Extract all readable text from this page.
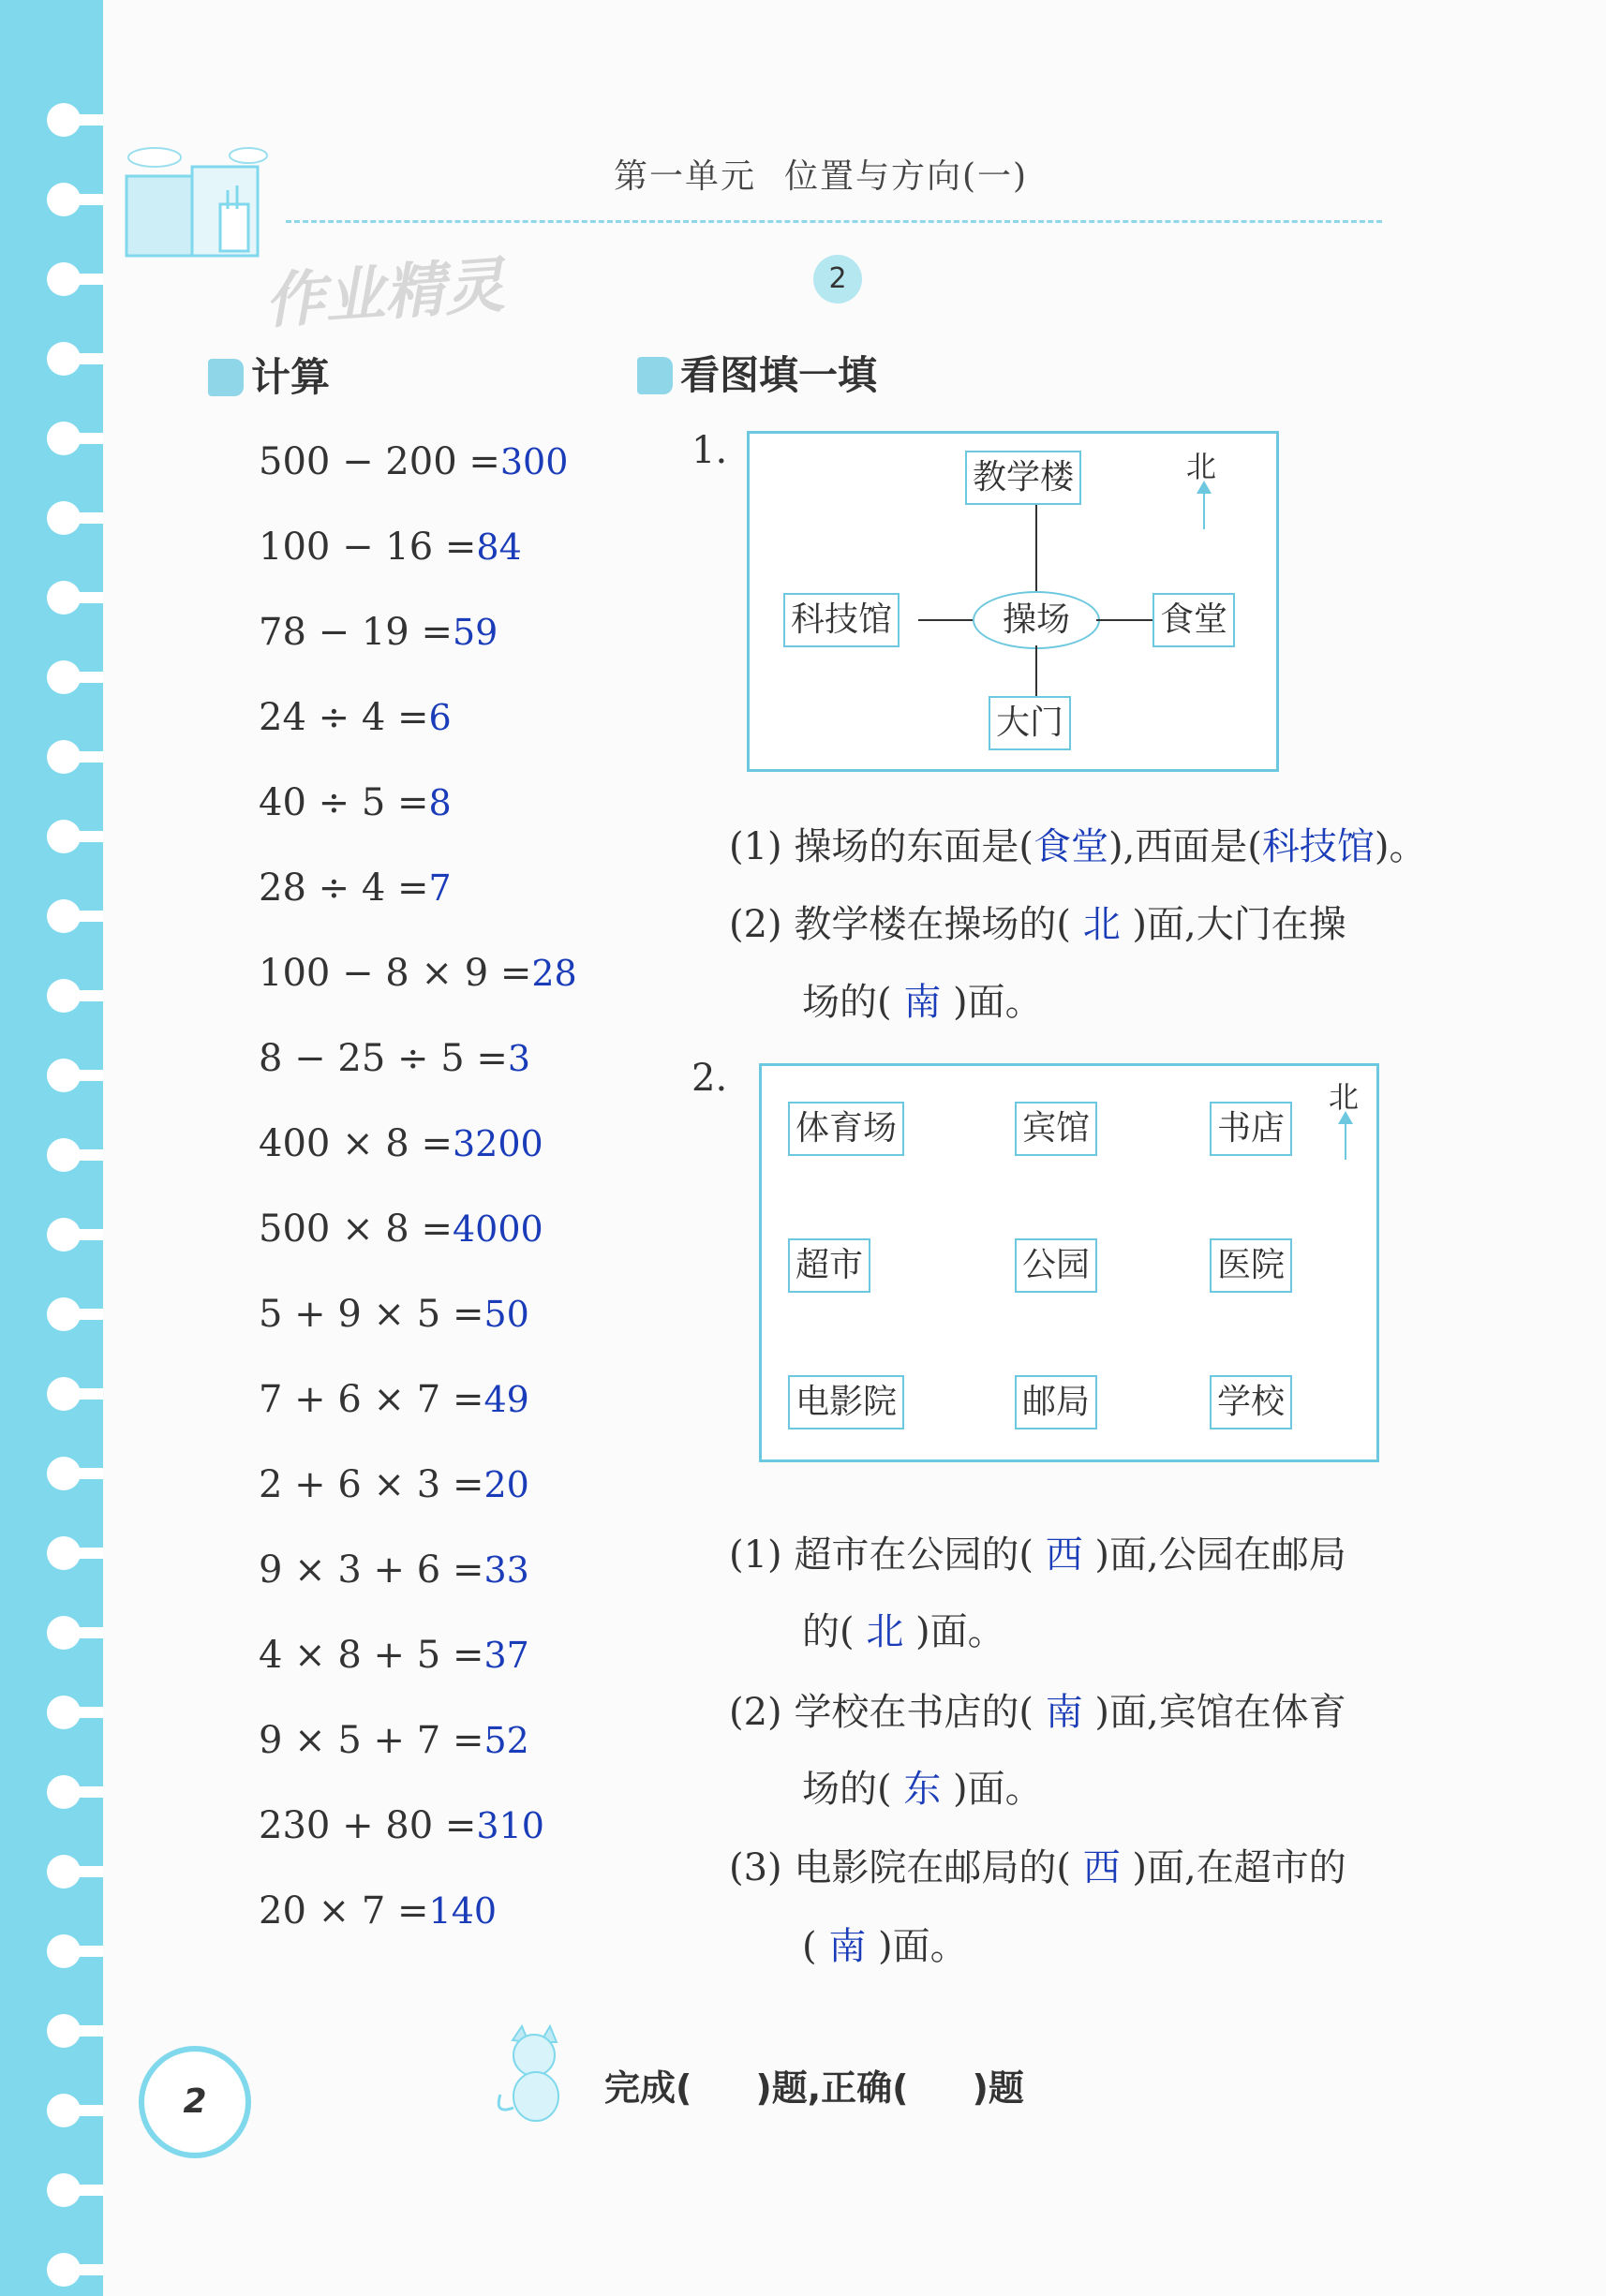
第一单元 位置与方向(一)
2
作业精灵
计算
500 − 200 =300
100 − 16 =84
78 − 19 =59
24 ÷ 4 =6
40 ÷ 5 =8
28 ÷ 4 =7
100 − 8 × 9 =28
8 − 25 ÷ 5 =3
400 × 8 =3200
500 × 8 =4000
5 + 9 × 5 =50
7 + 6 × 7 =49
2 + 6 × 3 =20
9 × 3 + 6 =33
4 × 8 + 5 =37
9 × 5 + 7 =52
230 + 80 =310
20 × 7 =140
看图填一填
1.
教学楼	北
科技馆	操场	食堂
大门
(1) 操场的东面是(食堂),西面是(科技馆)。
(2) 教学楼在操场的( 北 )面,大门在操
场的( 南 )面。
2.	北
体育场	宾馆	书店
超市	公园	医院
电影院	邮局	学校
(1) 超市在公园的( 西 )面,公园在邮局
的( 北 )面。
(2) 学校在书店的( 南 )面,宾馆在体育
场的( 东 )面。
(3) 电影院在邮局的( 西 )面,在超市的
( 南 )面。
2	完成( )题,正确( )题
